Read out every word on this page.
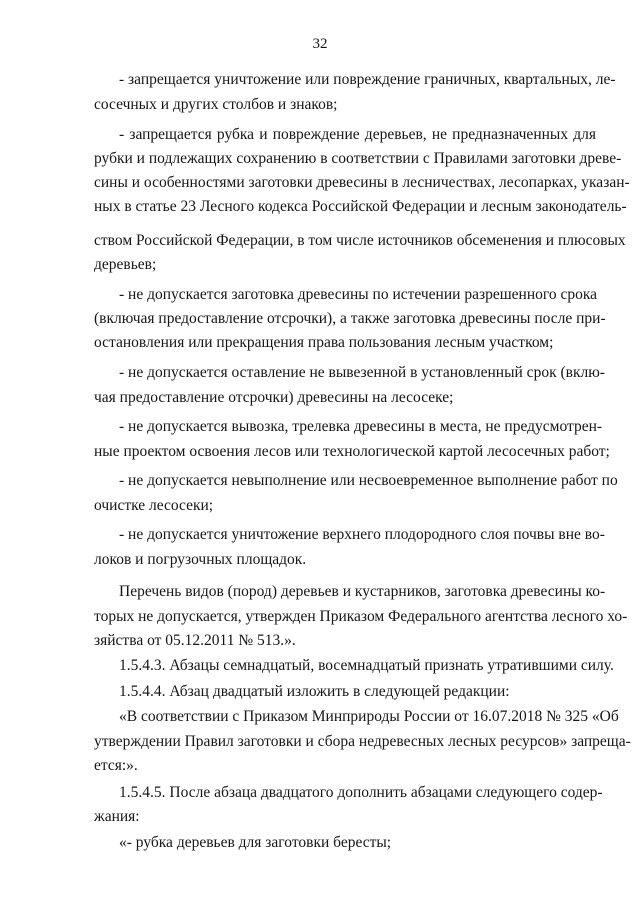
32
- запрещается уничтожение или повреждение граничных, квартальных, ле-
сосечных и других столбов и знаков;
- запрещается рубка и повреждение деревьев, не предназначенных для
рубки и подлежащих сохранению в соответствии с Правилами заготовки древе-
сины и особенностями заготовки древесины в лесничествах, лесопарках, указан-
ных в статье 23 Лесного кодекса Российской Федерации и лесным законодатель-
ством Российской Федерации, в том числе источников обсеменения и плюсовых
деревьев;
- не допускается заготовка древесины по истечении разрешенного срока
(включая предоставление отсрочки), а также заготовка древесины после при-
остановления или прекращения права пользования лесным участком;
- не допускается оставление не вывезенной в установленный срок (вклю-
чая предоставление отсрочки) древесины на лесосеке;
- не допускается вывозка, трелевка древесины в места, не предусмотрен-
ные проектом освоения лесов или технологической картой лесосечных работ;
- не допускается невыполнение или несвоевременное выполнение работ по
очистке лесосеки;
- не допускается уничтожение верхнего плодородного слоя почвы вне во-
локов и погрузочных площадок.
Перечень видов (пород) деревьев и кустарников, заготовка древесины ко-
торых не допускается, утвержден Приказом Федерального агентства лесного хо-
зяйства от 05.12.2011 № 513.».
1.5.4.3. Абзацы семнадцатый, восемнадцатый признать утратившими силу.
1.5.4.4. Абзац двадцатый изложить в следующей редакции:
«В соответствии с Приказом Минприроды России от 16.07.2018 № 325 «Об
утверждении Правил заготовки и сбора недревесных лесных ресурсов» запреща-
ется:».
1.5.4.5. После абзаца двадцатого дополнить абзацами следующего содер-
жания:
«- рубка деревьев для заготовки бересты;
